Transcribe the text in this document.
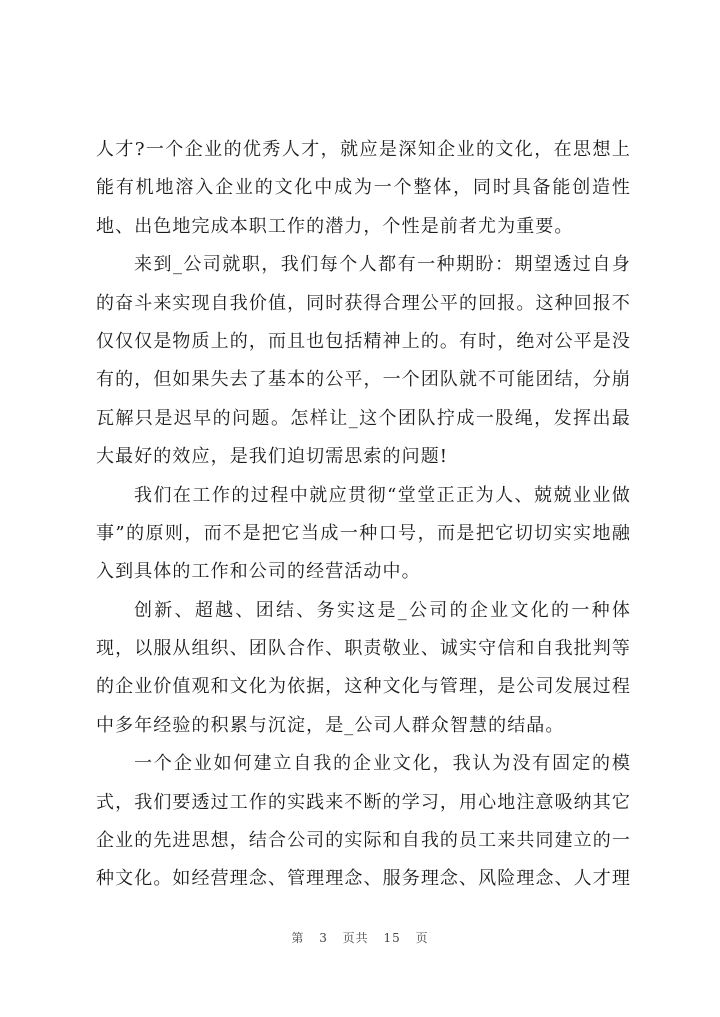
人才?一个企业的优秀人才，就应是深知企业的文化，在思想上
能有机地溶入企业的文化中成为一个整体，同时具备能创造性
地、出色地完成本职工作的潜力，个性是前者尤为重要。
来到_公司就职，我们每个人都有一种期盼：期望透过自身
的奋斗来实现自我价值，同时获得合理公平的回报。这种回报不
仅仅仅是物质上的，而且也包括精神上的。有时，绝对公平是没
有的，但如果失去了基本的公平，一个团队就不可能团结，分崩
瓦解只是迟早的问题。怎样让_这个团队拧成一股绳，发挥出最
大最好的效应，是我们迫切需思索的问题!
我们在工作的过程中就应贯彻“堂堂正正为人、兢兢业业做
事”的原则，而不是把它当成一种口号，而是把它切切实实地融
入到具体的工作和公司的经营活动中。
创新、超越、团结、务实这是_公司的企业文化的一种体
现，以服从组织、团队合作、职责敬业、诚实守信和自我批判等
的企业价值观和文化为依据，这种文化与管理，是公司发展过程
中多年经验的积累与沉淀，是_公司人群众智慧的结晶。
一个企业如何建立自我的企业文化，我认为没有固定的模
式，我们要透过工作的实践来不断的学习，用心地注意吸纳其它
企业的先进思想，结合公司的实际和自我的员工来共同建立的一
种文化。如经营理念、管理理念、服务理念、风险理念、人才理
第 3 页共 15 页
